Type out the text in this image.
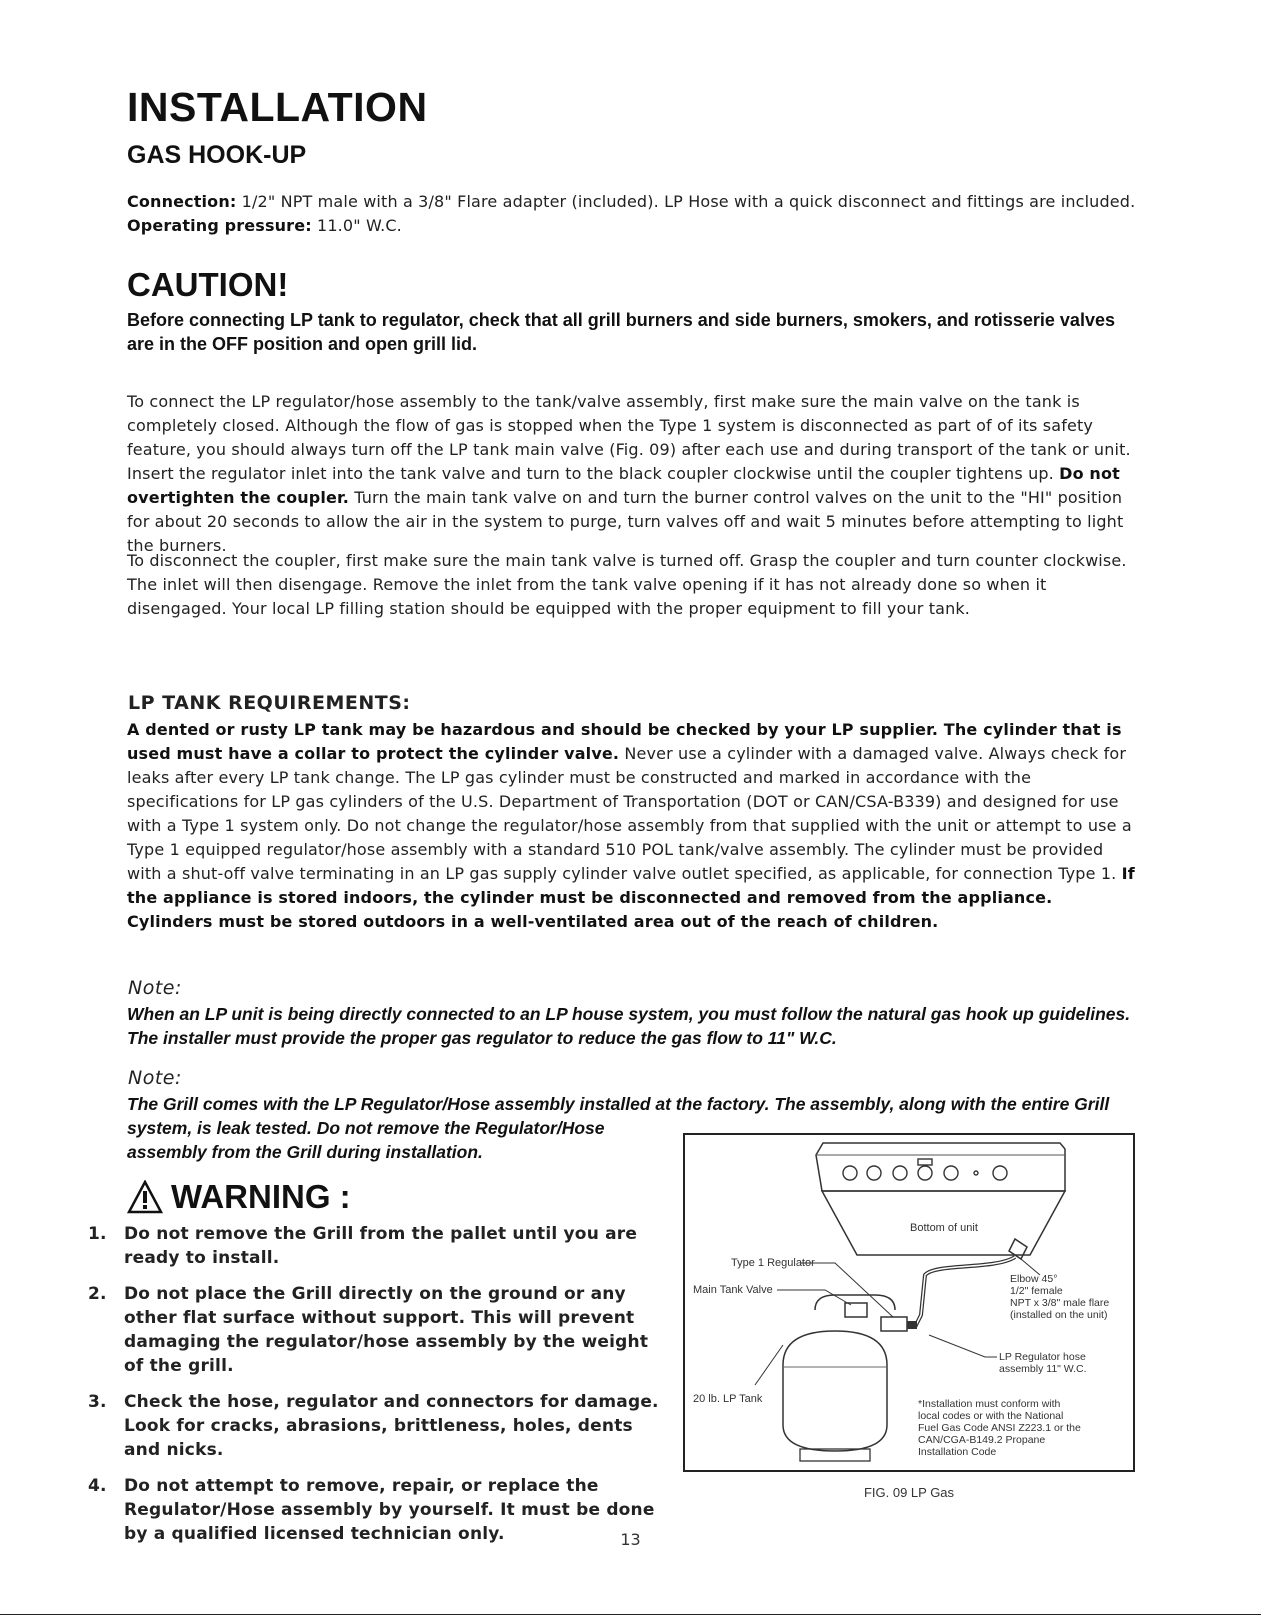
INSTALLATION
GAS HOOK-UP
Connection: 1/2" NPT male with a 3/8" Flare adapter (included). LP Hose with a quick disconnect and fittings are included. Operating pressure: 11.0" W.C.
CAUTION!
Before connecting LP tank to regulator, check that all grill burners and side burners, smokers, and rotisserie valves are in the OFF position and open grill lid.
To connect the LP regulator/hose assembly to the tank/valve assembly, first make sure the main valve on the tank is completely closed. Although the flow of gas is stopped when the Type 1 system is disconnected as part of of its safety feature, you should always turn off the LP tank main valve (Fig. 09) after each use and during transport of the tank or unit. Insert the regulator inlet into the tank valve and turn to the black coupler clockwise until the coupler tightens up. Do not overtighten the coupler. Turn the main tank valve on and turn the burner control valves on the unit to the "HI" position for about 20 seconds to allow the air in the system to purge, turn valves off and wait 5 minutes before attempting to light the burners.
To disconnect the coupler, first make sure the main tank valve is turned off. Grasp the coupler and turn counter clockwise. The inlet will then disengage. Remove the inlet from the tank valve opening if it has not already done so when it disengaged. Your local LP filling station should be equipped with the proper equipment to fill your tank.
LP TANK REQUIREMENTS:
A dented or rusty LP tank may be hazardous and should be checked by your LP supplier. The cylinder that is used must have a collar to protect the cylinder valve. Never use a cylinder with a damaged valve. Always check for leaks after every LP tank change. The LP gas cylinder must be constructed and marked in accordance with the specifications for LP gas cylinders of the U.S. Department of Transportation (DOT or CAN/CSA-B339) and designed for use with a Type 1 system only. Do not change the regulator/hose assembly from that supplied with the unit or attempt to use a Type 1 equipped regulator/hose assembly with a standard 510 POL tank/valve assembly. The cylinder must be provided with a shut-off valve terminating in an LP gas supply cylinder valve outlet specified, as applicable, for connection Type 1. If the appliance is stored indoors, the cylinder must be disconnected and removed from the appliance. Cylinders must be stored outdoors in a well-ventilated area out of the reach of children.
Note:
When an LP unit is being directly connected to an LP house system, you must follow the natural gas hook up guidelines.
The installer must provide the proper gas regulator to reduce the gas flow to 11" W.C.
Note:
The Grill comes with the LP Regulator/Hose assembly installed at the factory. The assembly, along with the entire Grill
system, is leak tested. Do not remove the Regulator/Hose
assembly from the Grill during installation.
WARNING :
1. Do not remove the Grill from the pallet until you are ready to install.
2. Do not place the Grill directly on the ground or any other flat surface without support. This will prevent damaging the regulator/hose assembly by the weight of the grill.
3. Check the hose, regulator and connectors for damage. Look for cracks, abrasions, brittleness, holes, dents and nicks.
4. Do not attempt to remove, repair, or replace the Regulator/Hose assembly by yourself. It must be done by a qualified licensed technician only.
Bottom of unit
Type 1 Regulator
Main Tank Valve
Elbow 45°
1/2" female
NPT x 3/8" male flare
(installed on the unit)
LP Regulator hose
assembly 11" W.C.
20 lb. LP Tank	*Installation must conform with
local codes or with the National
Fuel Gas Code ANSI Z223.1 or the
CAN/CGA-B149.2 Propane
Installation Code
FIG. 09 LP Gas
13
